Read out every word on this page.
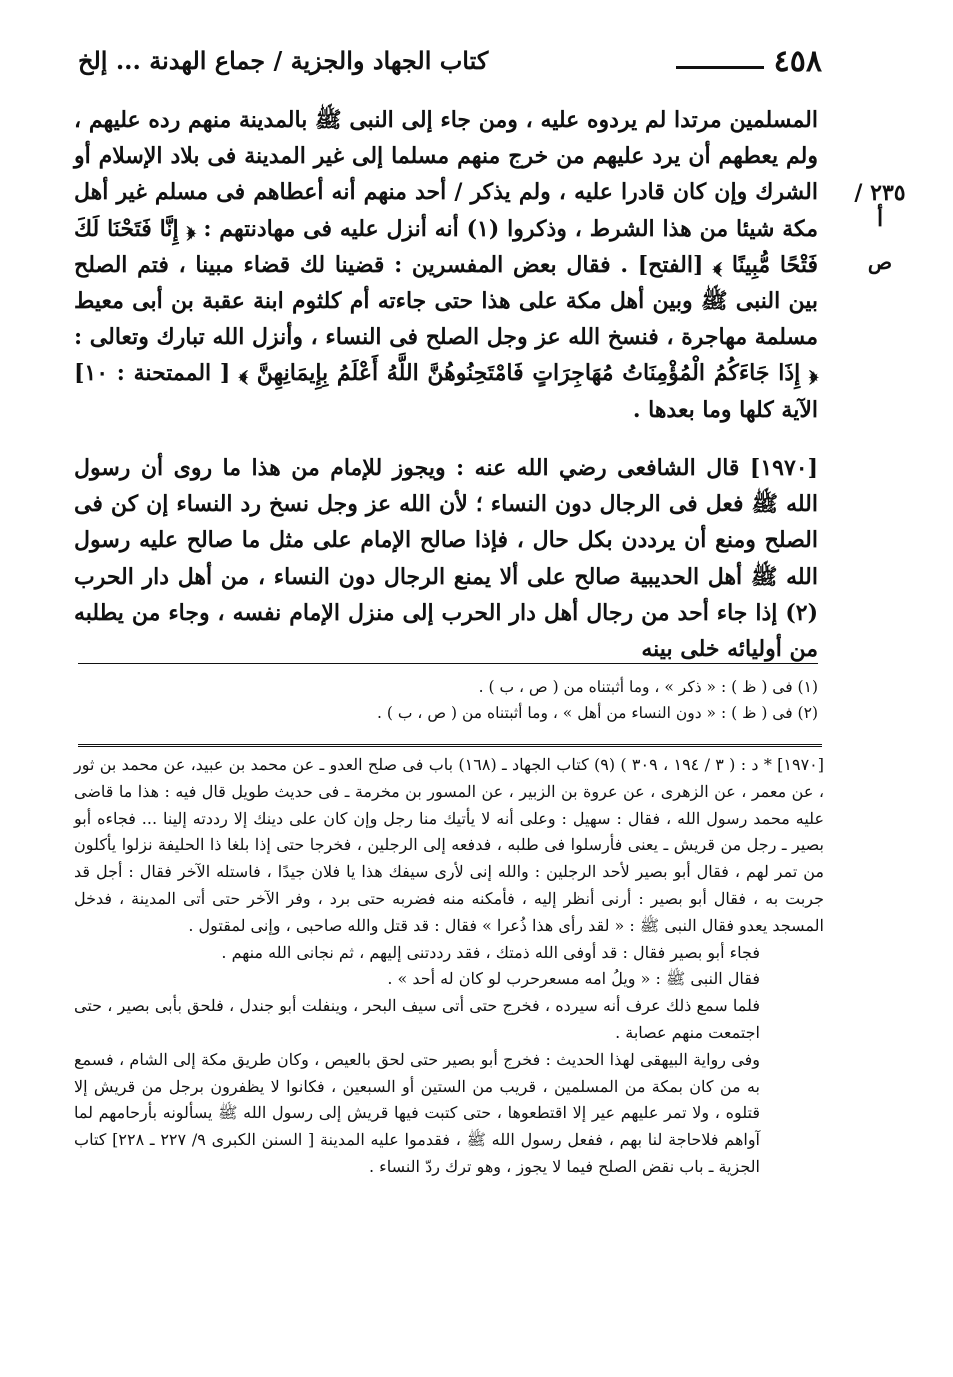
٤٥٨
كتاب الجهاد والجزية / جماع الهدنة ... إلخ
٢٣٥ / أ
ص

المسلمين مرتدا لم يردوه عليه ، ومن جاء إلى النبى ﷺ بالمدينة منهم رده عليهم ، ولم يعطهم أن يرد عليهم من خرج منهم مسلما إلى غير المدينة فى بلاد الإسلام أو الشرك وإن كان قادرا عليه ، ولم يذكر / أحد منهم أنه أعطاهم فى مسلم غير أهل مكة شيئا من هذا الشرط ، وذكروا (١) أنه أنزل عليه فى مهادنتهم : ﴿ إِنَّا فَتَحْنَا لَكَ فَتْحًا مُّبِينًا ﴾ [الفتح] . فقال بعض المفسرين : قضينا لك قضاء مبينا ، فتم الصلح بين النبى ﷺ وبين أهل مكة على هذا حتى جاءته أم كلثوم ابنة عقبة بن أبى معيط مسلمة مهاجرة ، فنسخ الله عز وجل الصلح فى النساء ، وأنزل الله تبارك وتعالى : ﴿ إِذَا جَاءَكُمُ الْمُؤْمِنَاتُ مُهَاجِرَاتٍ فَامْتَحِنُوهُنَّ اللَّهُ أَعْلَمُ بِإِيمَانِهِنَّ ﴾ [ الممتحنة : ١٠] الآية كلها وما بعدها .

[١٩٧٠] قال الشافعى رضي الله عنه : ويجوز للإمام من هذا ما روى أن رسول الله ﷺ فعل فى الرجال دون النساء ؛ لأن الله عز وجل نسخ رد النساء إن كن فى الصلح ومنع أن يرددن بكل حال ، فإذا صالح الإمام على مثل ما صالح عليه رسول الله ﷺ أهل الحديبية صالح على ألا يمنع الرجال دون النساء ، من أهل دار الحرب (٢) إذا جاء أحد من رجال أهل دار الحرب إلى منزل الإمام نفسه ، وجاء من يطلبه من أوليائه خلى بينه

(١) فى ( ظ ) : « ذكر » ، وما أثبتناه من ( ص ، ب ) .

(٢) فى ( ظ ) : « دون النساء من أهل » ، وما أثبتناه من ( ص ، ب ) .

[١٩٧٠] * د : ( ٣ / ١٩٤ ، ٣٠٩ ) (٩) كتاب الجهاد ـ (١٦٨) باب فى صلح العدو ـ عن محمد بن عبيد، عن محمد بن ثور ، عن معمر ، عن الزهرى ، عن عروة بن الزبير ، عن المسور بن مخرمة ـ فى حديث طويل قال فيه : هذا ما قاضى عليه محمد رسول الله ، فقال : سهيل : وعلى أنه لا يأتيك منا رجل وإن كان على دينك إلا رددته إلينا ... فجاءه أبو بصير ـ رجل من قريش ـ يعنى فأرسلوا فى طلبه ، فدفعه إلى الرجلين ، فخرجا حتى إذا بلغا ذا الحليفة نزلوا يأكلون من تمر لهم ، فقال أبو بصير لأحد الرجلين : والله إنى لأرى سيفك هذا يا فلان جيدًا ، فاستله الآخر فقال : أجل قد جربت به ، فقال أبو بصير : أرنى أنظر إليه ، فأمكنه منه فضربه حتى برد ، وفر الآخر حتى أتى المدينة ، فدخل المسجد يعدو فقال النبى ﷺ : « لقد رأى هذا ذُعرا » فقال : قد قتل والله صاحبى ، وإنى لمقتول .

فجاء أبو بصير فقال : قد أوفى الله ذمتك ، فقد رددتنى إليهم ، ثم نجانى الله منهم .

فقال النبى ﷺ : « ويلُ امه مسعرحرب لو كان له أحد » .

فلما سمع ذلك عرف أنه سيرده ، فخرج حتى أتى سيف البحر ، وينفلت أبو جندل ، فلحق بأبى بصير ، حتى اجتمعت منهم عصابة .

وفى رواية البيهقى لهذا الحديث : فخرج أبو بصير حتى لحق بالعيص ، وكان طريق مكة إلى الشام ، فسمع به من كان بمكة من المسلمين ، قريب من الستين أو السبعين ، فكانوا لا يظفرون برجل من قريش إلا قتلوه ، ولا تمر عليهم عير إلا اقتطعوها ، حتى كتبت فيها قريش إلى رسول الله ﷺ يسألونه بأرحامهم لما آواهم فلاحاجة لنا بهم ، ففعل رسول الله ﷺ ، فقدموا عليه المدينة [ السنن الكبرى ٩/ ٢٢٧ ـ ٢٢٨] كتاب الجزية ـ باب نقض الصلح فيما لا يجوز ، وهو ترك ردّ النساء .
